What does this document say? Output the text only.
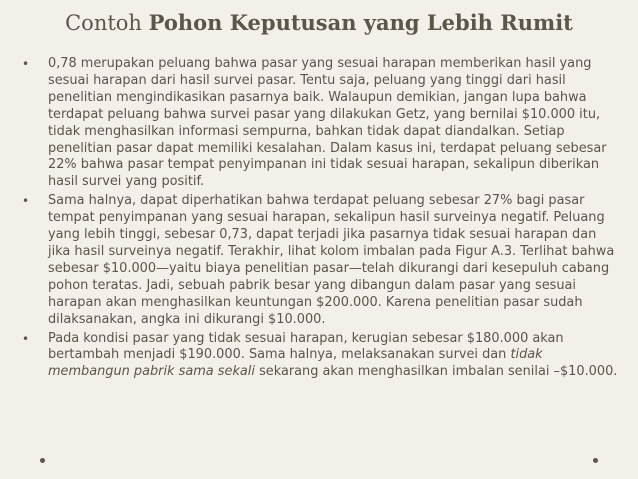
Contoh Pohon Keputusan yang Lebih Rumit
• 0,78 merupakan peluang bahwa pasar yang sesuai harapan memberikan hasil yang sesuai harapan dari hasil survei pasar. Tentu saja, peluang yang tinggi dari hasil penelitian mengindikasikan pasarnya baik. Walaupun demikian, jangan lupa bahwa terdapat peluang bahwa survei pasar yang dilakukan Getz, yang bernilai $10.000 itu, tidak menghasilkan informasi sempurna, bahkan tidak dapat diandalkan. Setiap penelitian pasar dapat memiliki kesalahan. Dalam kasus ini, terdapat peluang sebesar 22% bahwa pasar tempat penyimpanan ini tidak sesuai harapan, sekalipun diberikan hasil survei yang positif.
• Sama halnya, dapat diperhatikan bahwa terdapat peluang sebesar 27% bagi pasar tempat penyimpanan yang sesuai harapan, sekalipun hasil surveinya negatif. Peluang yang lebih tinggi, sebesar 0,73, dapat terjadi jika pasarnya tidak sesuai harapan dan jika hasil surveinya negatif. Terakhir, lihat kolom imbalan pada Figur A.3. Terlihat bahwa sebesar $10.000—yaitu biaya penelitian pasar—telah dikurangi dari kesepuluh cabang pohon teratas. Jadi, sebuah pabrik besar yang dibangun dalam pasar yang sesuai harapan akan menghasilkan keuntungan $200.000. Karena penelitian pasar sudah dilaksanakan, angka ini dikurangi $10.000.
• Pada kondisi pasar yang tidak sesuai harapan, kerugian sebesar $180.000 akan bertambah menjadi $190.000. Sama halnya, melaksanakan survei dan tidak membangun pabrik sama sekali sekarang akan menghasilkan imbalan senilai –$10.000.
